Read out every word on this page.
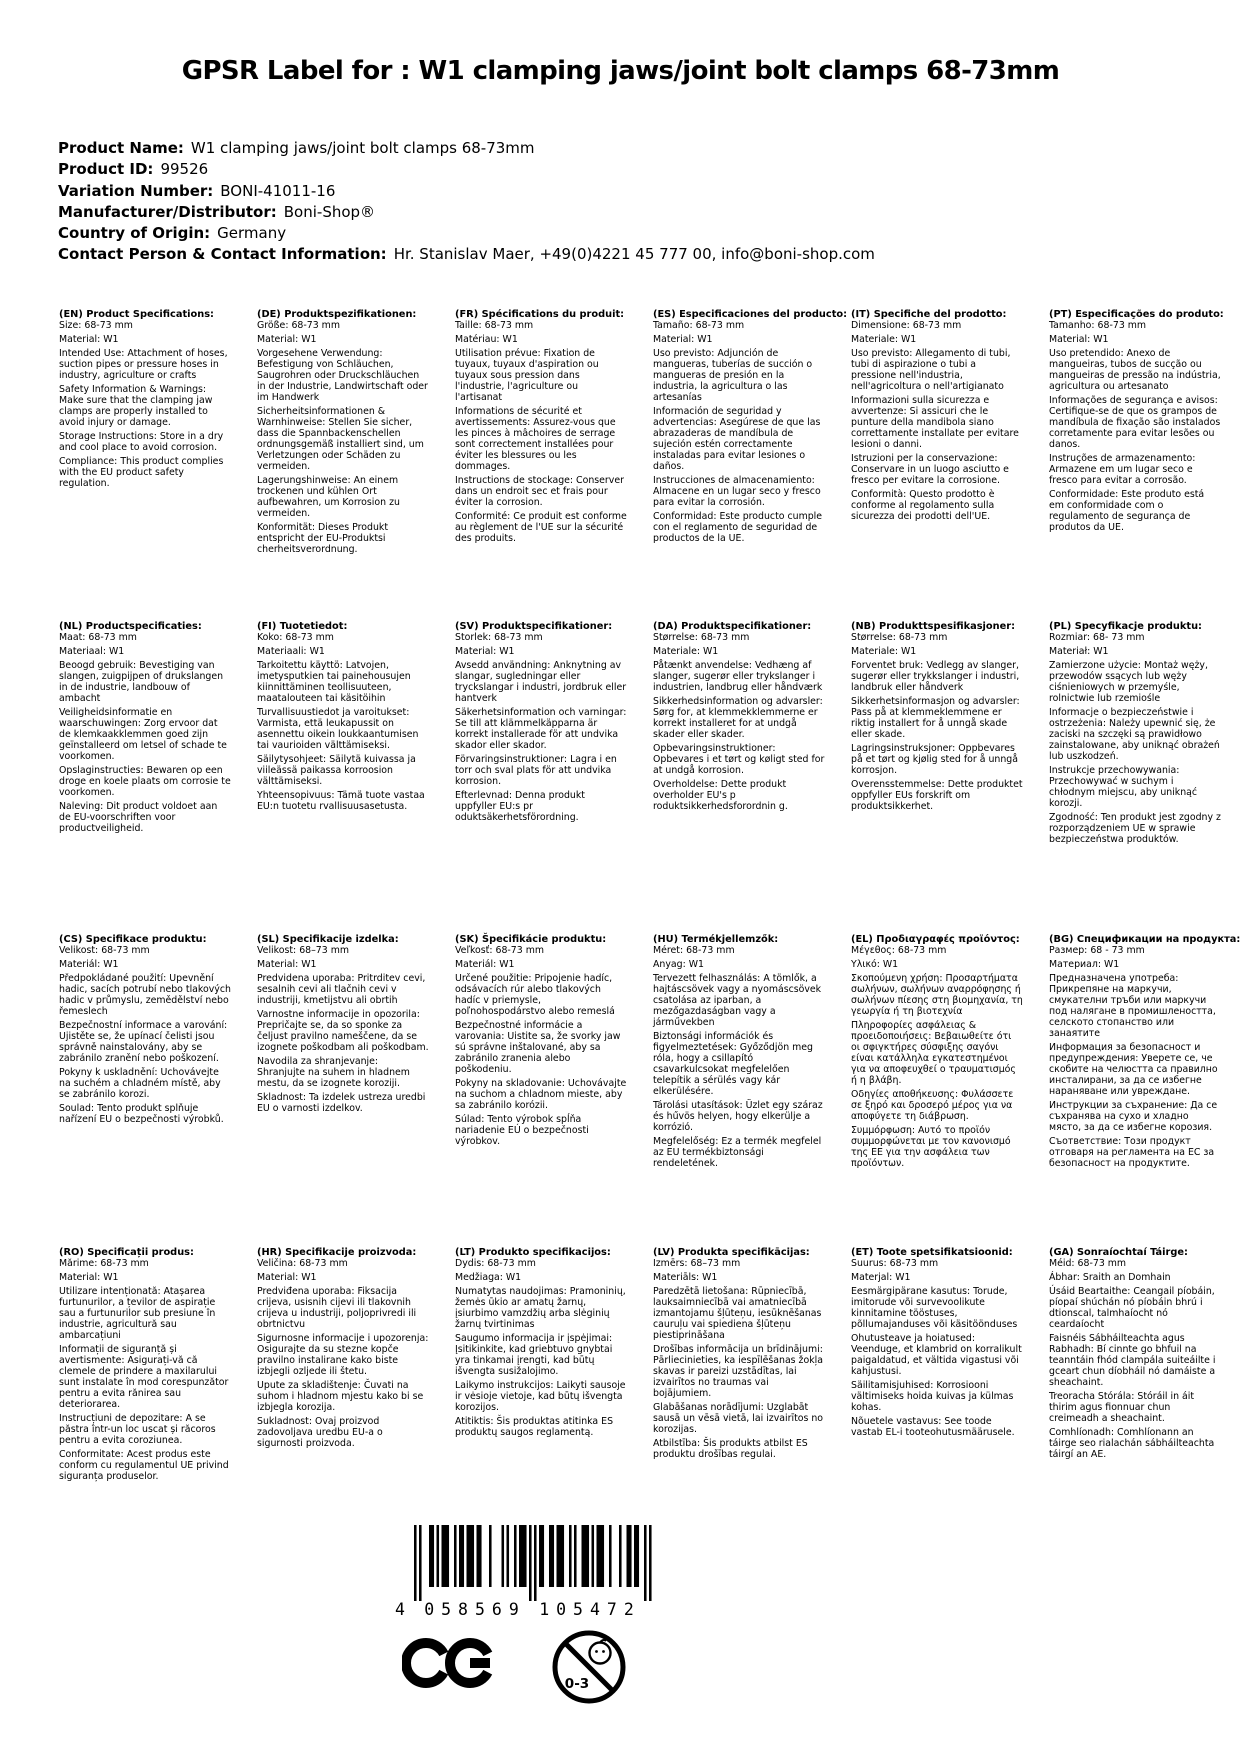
GPSR Label for : W1 clamping jaws/joint bolt clamps 68-73mm
Product Name: W1 clamping jaws/joint bolt clamps 68-73mm
Product ID: 99526
Variation Number: BONI-41011-16
Manufacturer/Distributor: Boni-Shop®
Country of Origin: Germany
Contact Person & Contact Information: Hr. Stanislav Maer, +49(0)4221 45 777 00, info@boni-shop.com
(EN) Product Specifications:

Size: 68-73 mm

Material: W1

Intended Use: Attachment of hoses, suction pipes or pressure hoses in industry, agriculture or crafts

Safety Information & Warnings: Make sure that the clamping jaw clamps are properly installed to avoid injury or damage.

Storage Instructions: Store in a dry and cool place to avoid corrosion.

Compliance: This product complies with the EU product safety regulation.

(DE) Produktspezifikationen:

Größe: 68-73 mm

Material: W1

Vorgesehene Verwendung: Befestigung von Schläuchen, Saugrohren oder Druckschläuchen in der Industrie, Landwirtschaft oder im Handwerk

Sicherheitsinformationen & Warnhinweise: Stellen Sie sicher, dass die Spannbackenschellen ordnungsgemäß installiert sind, um Verletzungen oder Schäden zu vermeiden.

Lagerungshinweise: An einem trockenen und kühlen Ort aufbewahren, um Korrosion zu vermeiden.

Konformität: Dieses Produkt entspricht der EU-Produktsi cherheitsverordnung.

(FR) Spécifications du produit:

Taille: 68-73 mm

Matériau: W1

Utilisation prévue: Fixation de tuyaux, tuyaux d'aspiration ou tuyaux sous pression dans l'industrie, l'agriculture ou l'artisanat

Informations de sécurité et avertissements: Assurez-vous que les pinces à mâchoires de serrage sont correctement installées pour éviter les blessures ou les dommages.

Instructions de stockage: Conserver dans un endroit sec et frais pour éviter la corrosion.

Conformité: Ce produit est conforme au règlement de l'UE sur la sécurité des produits.

(ES) Especificaciones del producto:

Tamaño: 68-73 mm

Material: W1

Uso previsto: Adjunción de mangueras, tuberías de succión o mangueras de presión en la industria, la agricultura o las artesanías

Información de seguridad y advertencias: Asegúrese de que las abrazaderas de mandíbula de sujeción estén correctamente instaladas para evitar lesiones o daños.

Instrucciones de almacenamiento: Almacene en un lugar seco y fresco para evitar la corrosión.

Conformidad: Este producto cumple con el reglamento de seguridad de productos de la UE.

(IT) Specifiche del prodotto:

Dimensione: 68-73 mm

Materiale: W1

Uso previsto: Allegamento di tubi, tubi di aspirazione o tubi a pressione nell'industria, nell'agricoltura o nell'artigianato

Informazioni sulla sicurezza e avvertenze: Si assicuri che le punture della mandibola siano correttamente installate per evitare lesioni o danni.

Istruzioni per la conservazione: Conservare in un luogo asciutto e fresco per evitare la corrosione.

Conformità: Questo prodotto è conforme al regolamento sulla sicurezza dei prodotti dell'UE.

(PT) Especificações do produto:

Tamanho: 68-73 mm

Material: W1

Uso pretendido: Anexo de mangueiras, tubos de sucção ou mangueiras de pressão na indústria, agricultura ou artesanato

Informações de segurança e avisos: Certifique-se de que os grampos de mandíbula de fixação são instalados corretamente para evitar lesões ou danos.

Instruções de armazenamento: Armazene em um lugar seco e fresco para evitar a corrosão.

Conformidade: Este produto está em conformidade com o regulamento de segurança de produtos da UE.

(NL) Productspecificaties:

Maat: 68-73 mm

Materiaal: W1

Beoogd gebruik: Bevestiging van slangen, zuigpijpen of drukslangen in de industrie, landbouw of ambacht

Veiligheidsinformatie en waarschuwingen: Zorg ervoor dat de klemkaakklemmen goed zijn geïnstalleerd om letsel of schade te voorkomen.

Opslaginstructies: Bewaren op een droge en koele plaats om corrosie te voorkomen.

Naleving: Dit product voldoet aan de EU-voorschriften voor productveiligheid.

(FI) Tuotetiedot:

Koko: 68-73 mm

Materiaali: W1

Tarkoitettu käyttö: Latvojen, imetysputkien tai painehousujen kiinnittäminen teollisuuteen, maatalouteen tai käsitöihin

Turvallisuustiedot ja varoitukset: Varmista, että leukapussit on asennettu oikein loukkaantumisen tai vaurioiden välttämiseksi.

Säilytysohjeet: Säilytä kuivassa ja viileässä paikassa korroosion välttämiseksi.

Yhteensopivuus: Tämä tuote vastaa EU:n tuotetu rvallisuusasetusta.

(SV) Produktspecifikationer:

Storlek: 68-73 mm

Material: W1

Avsedd användning: Anknytning av slangar, sugledningar eller tryckslangar i industri, jordbruk eller hantverk

Säkerhetsinformation och varningar: Se till att klämmelkäpparna är korrekt installerade för att undvika skador eller skador.

Förvaringsinstruktioner: Lagra i en torr och sval plats för att undvika korrosion.

Efterlevnad: Denna produkt uppfyller EU:s pr oduktsäkerhetsförordning.

(DA) Produktspecifikationer:

Størrelse: 68-73 mm

Materiale: W1

Påtænkt anvendelse: Vedhæng af slanger, sugerør eller trykslanger i industrien, landbrug eller håndværk

Sikkerhedsinformation og advarsler: Sørg for, at klemmekklemmerne er korrekt installeret for at undgå skader eller skader.

Opbevaringsinstruktioner: Opbevares i et tørt og køligt sted for at undgå korrosion.

Overholdelse: Dette produkt overholder EU's p roduktsikkerhedsforordnin g.

(NB) Produkttspesifikasjoner:

Størrelse: 68-73 mm

Materiale: W1

Forventet bruk: Vedlegg av slanger, sugerør eller trykkslanger i industri, landbruk eller håndverk

Sikkerhetsinformasjon og advarsler: Pass på at klemmeklemmene er riktig installert for å unngå skade eller skade.

Lagringsinstruksjoner: Oppbevares på et tørt og kjølig sted for å unngå korrosjon.

Overensstemmelse: Dette produktet oppfyller EUs forskrift om produktsikkerhet.

(PL) Specyfikacje produktu:

Rozmiar: 68- 73 mm

Materiał: W1

Zamierzone użycie: Montaż węży, przewodów ssących lub węży ciśnieniowych w przemyśle, rolnictwie lub rzemiośle

Informacje o bezpieczeństwie i ostrzeżenia: Należy upewnić się, że zaciski na szczęki są prawidłowo zainstalowane, aby uniknąć obrażeń lub uszkodzeń.

Instrukcje przechowywania: Przechowywać w suchym i chłodnym miejscu, aby uniknąć korozji.

Zgodność: Ten produkt jest zgodny z rozporządzeniem UE w sprawie bezpieczeństwa produktów.

(CS) Specifikace produktu:

Velikost: 68-73 mm

Materiál: W1

Předpokládané použití: Upevnění hadic, sacích potrubí nebo tlakových hadic v průmyslu, zemědělství nebo řemeslech

Bezpečnostní informace a varování: Ujistěte se, že upínací čelisti jsou správně nainstalovány, aby se zabránilo zranění nebo poškození.

Pokyny k uskladnění: Uchovávejte na suchém a chladném místě, aby se zabránilo korozi.

Soulad: Tento produkt splňuje nařízení EU o bezpečnosti výrobků.

(SL) Specifikacije izdelka:

Velikost: 68–73 mm

Material: W1

Predvidena uporaba: Pritrditev cevi, sesalnih cevi ali tlačnih cevi v industriji, kmetijstvu ali obrtih

Varnostne informacije in opozorila: Prepričajte se, da so sponke za čeljust pravilno nameščene, da se izognete poškodbam ali poškodbam.

Navodila za shranjevanje: Shranjujte na suhem in hladnem mestu, da se izognete koroziji.

Skladnost: Ta izdelek ustreza uredbi EU o varnosti izdelkov.

(SK) Špecifikácie produktu:

Veľkosť: 68-73 mm

Materiál: W1

Určené použitie: Pripojenie hadíc, odsávacích rúr alebo tlakových hadíc v priemysle, poľnohospodárstvo alebo remeslá

Bezpečnostné informácie a varovania: Uistite sa, že svorky jaw sú správne inštalované, aby sa zabránilo zranenia alebo poškodeniu.

Pokyny na skladovanie: Uchovávajte na suchom a chladnom mieste, aby sa zabránilo korózii.

Súlad: Tento výrobok spĺňa nariadenie EÚ o bezpečnosti výrobkov.

(HU) Termékjellemzők:

Méret: 68-73 mm

Anyag: W1

Tervezett felhasználás: A tömlők, a hajtáscsövek vagy a nyomáscsövek csatolása az iparban, a mezőgazdaságban vagy a járművekben

Biztonsági információk és figyelmeztetések: Győződjön meg róla, hogy a csillapító csavarkulcsokat megfelelően telepítik a sérülés vagy kár elkerülésére.

Tárolási utasítások: Üzlet egy száraz és hűvös helyen, hogy elkerülje a korrózió.

Megfelelőség: Ez a termék megfelel az EU termékbiztonsági rendeletének.

(EL) Προδιαγραφές προϊόντος:

Μέγεθος: 68-73 mm

Υλικό: W1

Σκοπούμενη χρήση: Προσαρτήματα σωλήνων, σωλήνων αναρρόφησης ή σωλήνων πίεσης στη βιομηχανία, τη γεωργία ή τη βιοτεχνία

Πληροφορίες ασφάλειας & προειδοποιήσεις: Βεβαιωθείτε ότι οι σφιγκτήρες σύσφιξης σαγόνι είναι κατάλληλα εγκατεστημένοι για να αποφευχθεί ο τραυματισμός ή η βλάβη.

Οδηγίες αποθήκευσης: Φυλάσσετε σε ξηρό και δροσερό μέρος για να αποφύγετε τη διάβρωση.

Συμμόρφωση: Αυτό το προϊόν συμμορφώνεται με τον κανονισμό της ΕΕ για την ασφάλεια των προϊόντων.

(BG) Спецификации на продукта:

Размер: 68 - 73 mm

Материал: W1

Предназначена употреба: Прикрепяне на маркучи, смукателни тръби или маркучи под налягане в промишлеността, селското стопанство или занаятите

Информация за безопасност и предупреждения: Уверете се, че скобите на челюстта са правилно инсталирани, за да се избегне нараняване или увреждане.

Инструкции за съхранение: Да се съхранява на сухо и хладно място, за да се избегне корозия.

Съответствие: Този продукт отговаря на регламента на ЕС за безопасност на продуктите.

(RO) Specificații produs:

Mărime: 68-73 mm

Material: W1

Utilizare intenționată: Atașarea furtunurilor, a țevilor de aspirație sau a furtunurilor sub presiune în industrie, agricultură sau ambarcațiuni

Informații de siguranță și avertismente: Asigurați-vă că clemele de prindere a maxilarului sunt instalate în mod corespunzător pentru a evita rănirea sau deteriorarea.

Instrucțiuni de depozitare: A se păstra într-un loc uscat și răcoros pentru a evita coroziunea.

Conformitate: Acest produs este conform cu regulamentul UE privind siguranța produselor.

(HR) Specifikacije proizvoda:

Veličina: 68-73 mm

Material: W1

Predviđena uporaba: Fiksacija crijeva, usisnih cijevi ili tlakovnih crijeva u industriji, poljoprivredi ili obrtnictvu

Sigurnosne informacije i upozorenja: Osigurajte da su stezne kopče pravilno instalirane kako biste izbjegli ozljede ili štetu.

Upute za skladištenje: Čuvati na suhom i hladnom mjestu kako bi se izbjegla korozija.

Sukladnost: Ovaj proizvod zadovoljava uredbu EU-a o sigurnosti proizvoda.

(LT) Produkto specifikacijos:

Dydis: 68-73 mm

Medžiaga: W1

Numatytas naudojimas: Pramoninių, žemės ūkio ar amatų žarnų, įsiurbimo vamzdžių arba slėginių žarnų tvirtinimas

Saugumo informacija ir įspėjimai: Įsitikinkite, kad griebtuvo gnybtai yra tinkamai įrengti, kad būtų išvengta susižalojimo.

Laikymo instrukcijos: Laikyti sausoje ir vėsioje vietoje, kad būtų išvengta korozijos.

Atitiktis: Šis produktas atitinka ES produktų saugos reglamentą.

(LV) Produkta specifikācijas:

Izmērs: 68–73 mm

Materiāls: W1

Paredzētā lietošana: Rūpniecībā, lauksaimniecībā vai amatniecībā izmantojamu šļūteņu, iesūknēšanas cauruļu vai spiediena šļūteņu piestiprināšana

Drošības informācija un brīdinājumi: Pārliecinieties, ka iespīlēšanas žokļa skavas ir pareizi uzstādītas, lai izvairītos no traumas vai bojājumiem.

Glabāšanas norādījumi: Uzglabāt sausā un vēsā vietā, lai izvairītos no korozijas.

Atbilstība: Šis produkts atbilst ES produktu drošības regulai.

(ET) Toote spetsifikatsioonid:

Suurus: 68-73 mm

Materjal: W1

Eesmärgipärane kasutus: Torude, imitorude või survevoolikute kinnitamine tööstuses, põllumajanduses või käsitöönduses

Ohutusteave ja hoiatused: Veenduge, et klambrid on korralikult paigaldatud, et vältida vigastusi või kahjustusi.

Säilitamisjuhised: Korrosiooni vältimiseks hoida kuivas ja külmas kohas.

Nõuetele vastavus: See toode vastab EL-i tooteohutusmäärusele.

(GA) Sonraíochtaí Táirge:

Méid: 68-73 mm

Ábhar: Sraith an Domhain

Úsáid Beartaithe: Ceangail píobáin, píopaí shúchán nó píobáin bhrú i dtionscal, talmhaíocht nó ceardaíocht

Faisnéis Sábháilteachta agus Rabhadh: Bí cinnte go bhfuil na teanntáin fhód clampála suiteáilte i gceart chun díobháil nó damáiste a sheachaint.

Treoracha Stórála: Stóráil in áit thirim agus fionnuar chun creimeadh a sheachaint.

Comhlíonadh: Comhlíonann an táirge seo rialachán sábháilteachta táirgí an AE.

4 058569 105472
0-3
